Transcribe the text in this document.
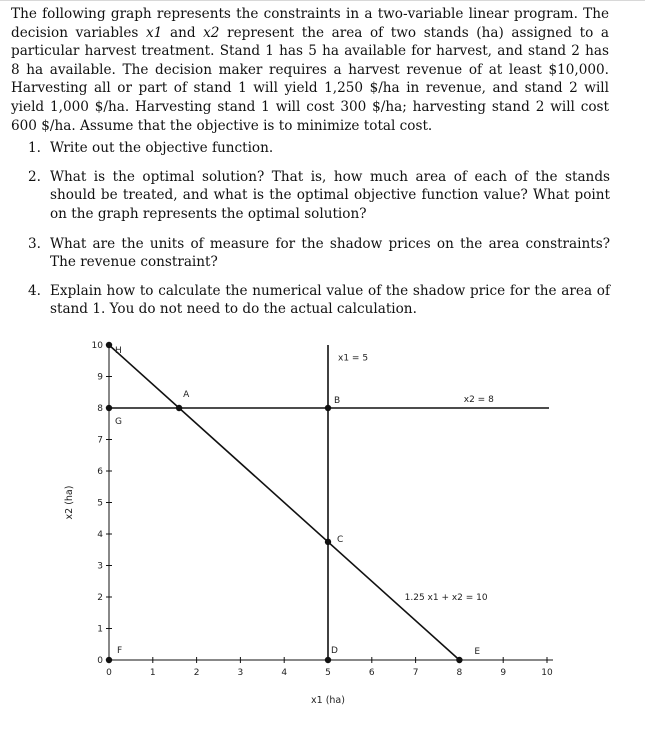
The following graph represents the constraints in a two-variable linear program. The decision variables x1 and x2 represent the area of two stands (ha) assigned to a particular harvest treatment. Stand 1 has 5 ha available for harvest, and stand 2 has 8 ha available. The decision maker requires a harvest revenue of at least $10,000. Harvesting all or part of stand 1 will yield 1,250 $/ha in revenue, and stand 2 will yield 1,000 $/ha. Harvesting stand 1 will cost 300 $/ha; harvesting stand 2 will cost 600 $/ha. Assume that the objective is to minimize total cost.

1. Write out the objective function.
2. What is the optimal solution? That is, how much area of each of the stands should be treated, and what is the optimal objective function value? What point on the graph represents the optimal solution?
3. What are the units of measure for the shadow prices on the area constraints? The revenue constraint?
4. Explain how to calculate the numerical value of the shadow price for the area of stand 1. You do not need to do the actual calculation.
0	1	2	3	4	5	6	7	8	9	10
0
1
2
3
4
5
6
7
8
9
10
x1 (ha)
x2 (ha)
x1 = 5
x2 = 8
1.25 x1 + x2 = 10
H
A
B
G
C
D	E
F
